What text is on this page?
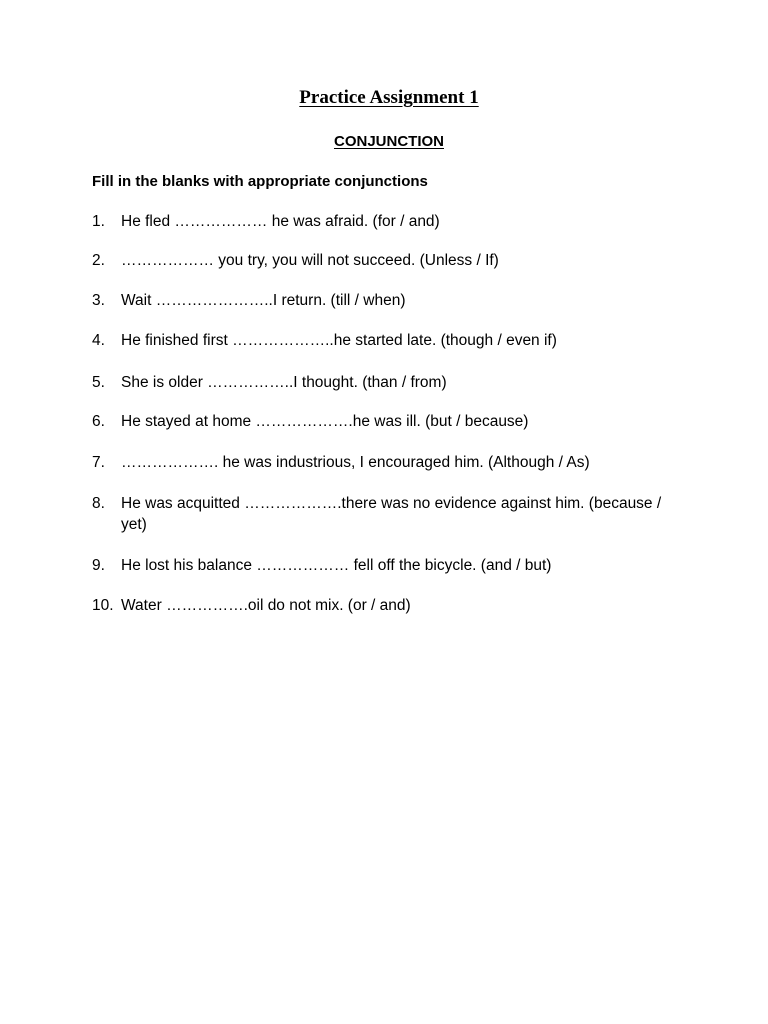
Practice Assignment 1
CONJUNCTION

Fill in the blanks with appropriate conjunctions

1.	He fled ……………… he was afraid. (for / and)
2.	……………… you try, you will not succeed. (Unless / If)
3.	Wait …………………..I return. (till / when)
4.	He finished first ………………..he started late. (though / even if)
5.	She is older ……………..I thought. (than / from)
6.	He stayed at home ……………….he was ill. (but / because)
7.	………………. he was industrious, I encouraged him. (Although / As)
8.	He was acquitted ……………….there was no evidence against him. (because / yet)
9.	He lost his balance ……………… fell off the bicycle. (and / but)
10. Water …………….oil do not mix. (or / and)
